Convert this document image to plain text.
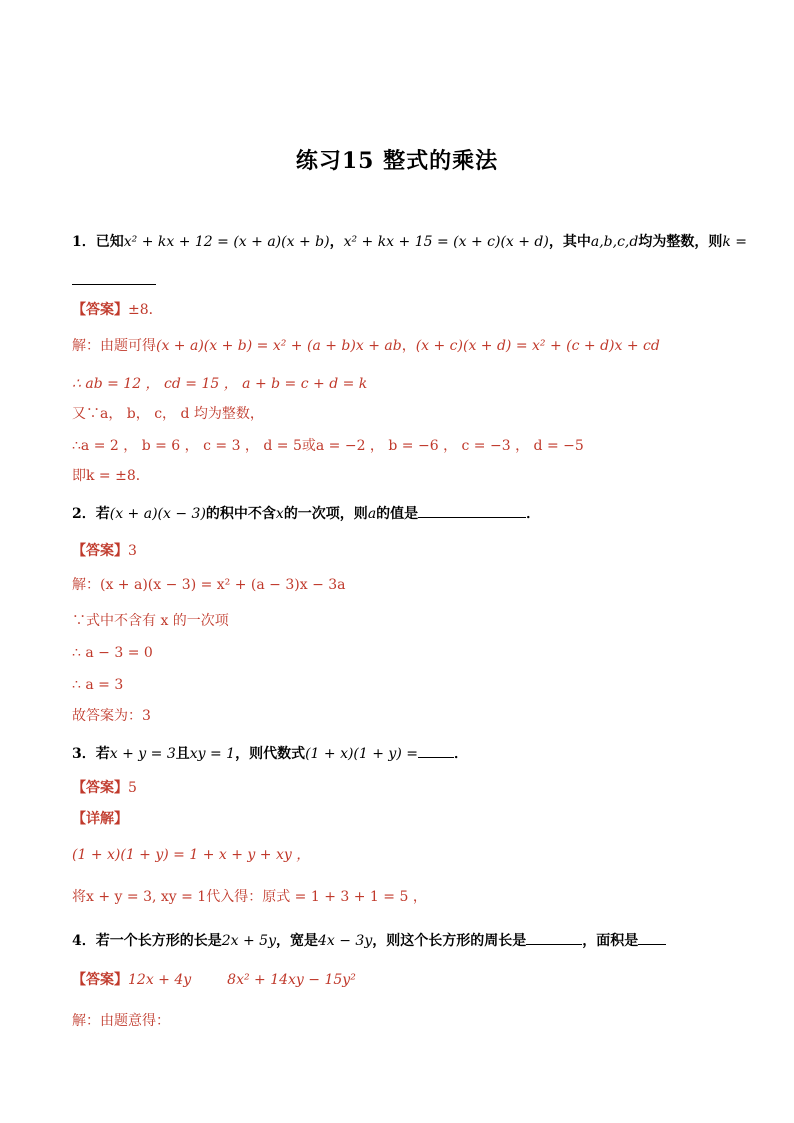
练习15 整式的乘法
1．已知x² + kx + 12 = (x + a)(x + b)，x² + kx + 15 = (x + c)(x + d)，其中a,b,c,d均为整数，则k =
【答案】±8．
解：由题可得(x + a)(x + b) = x² + (a + b)x + ab，(x + c)(x + d) = x² + (c + d)x + cd
∴ ab = 12 ， cd = 15 ， a + b = c + d = k
又∵a， b， c， d 均为整数，
∴a = 2 ， b = 6 ， c = 3 ， d = 5或a = −2 ， b = −6 ， c = −3 ， d = −5
即k = ±8．
2．若(x + a)(x − 3)的积中不含x的一次项，则a的值是	．
【答案】3
解：(x + a)(x − 3) = x² + (a − 3)x − 3a
∵式中不含有 x 的一次项
∴ a − 3 = 0
∴ a = 3
故答案为：3
3．若x + y = 3且xy = 1，则代数式(1 + x)(1 + y) =	．
【答案】5
【详解】
(1 + x)(1 + y) = 1 + x + y + xy ，
将x + y = 3, xy = 1代入得：原式 = 1 + 3 + 1 = 5 ，
4．若一个长方形的长是2x + 5y，宽是4x − 3y，则这个长方形的周长是	，面积是
【答案】12x + 4y	8x² + 14xy − 15y²
解：由题意得：
